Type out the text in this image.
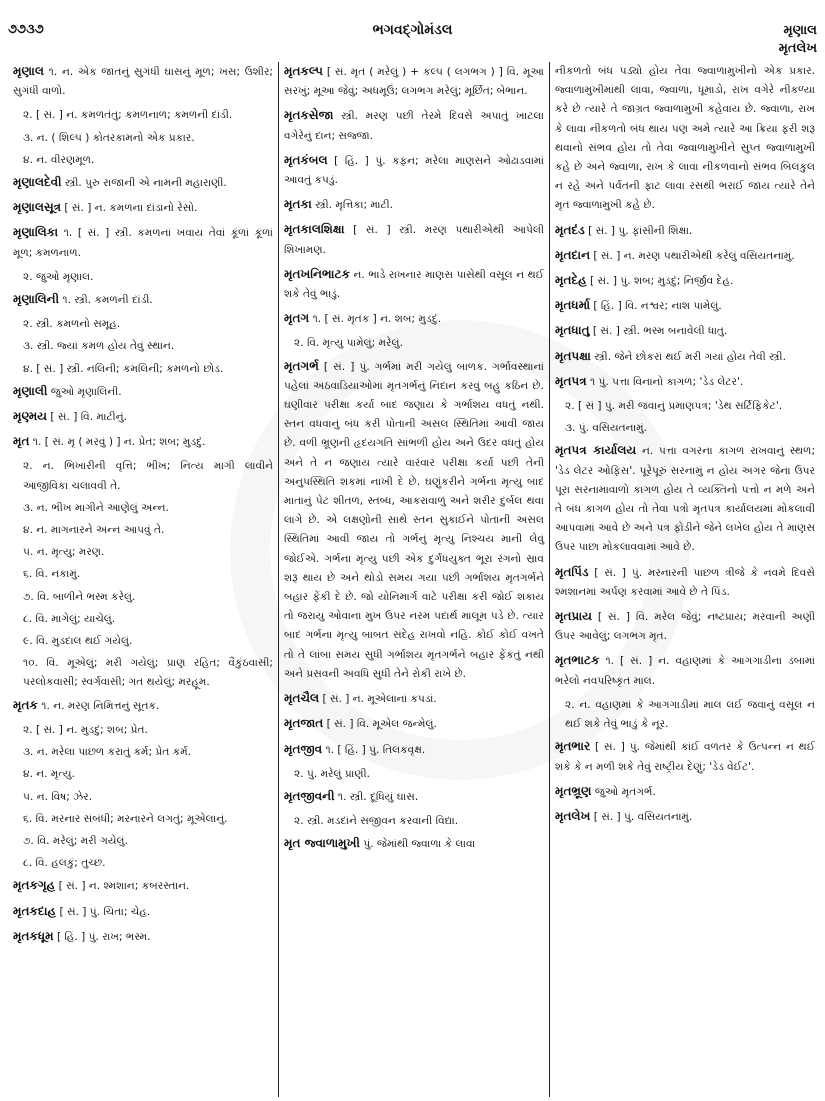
૭૭૩૭	ભગવદ્ગોમંડલ	મૃણાલ
મૃતલેખ

મૃણાલ ૧. ન. એક જાતનું સુગંધી ઘાસનું મૂળ; ખસ; ઉશીર; સુગંધી વાળો.

૨. [ સં. ] ન. કમળતંતુ; કમળનાળ; કમળની દાંડી.

૩. ન. ( શિલ્પ ) કોતરકામનો એક પ્રકાર.

૪. ન. વીરણમૂળ.

મૃણાલદેવી સ્ત્રી. પુરુ રાજાની એ નામની મહારાણી.

મૃણાલસૂત્ર [ સં. ] ન. કમળના દાંડાનો રેસો.

મૃણાલિકા ૧. [ સં. ] સ્ત્રી. કમળનાં ખવાય તેવાં કૂંળાં કૂંળાં મૂળ; કમળનાળ.

૨. જુઓ મૃણાલ.

મૃણાલિની ૧. સ્ત્રી. કમળની દાંડી.

૨. સ્ત્રી. કમળનો સમૂહ.

૩. સ્ત્રી. જ્યાં કમળ હોય તેવું સ્થાન.

૪. [ સં. ] સ્ત્રી. નલિની; કમલિની; કમળનો છોડ.

મૃણાલી જુઓ મૃણાલિની.

મૃણ્મય [ સં. ] વિ. માટીનું.

મૃત ૧. [ સં. મૃ ( મરવું ) ] ન. પ્રેત; શબ; મુડદું.

૨. ન. ભિખારીની વૃત્તિ; ભીખ; નિત્ય માગી લાવીને આજીવિકા ચલાવવી તે.

૩. ન. ભીખ માગીને આણેલું અન્ન.

૪. ન. માગનારને અન્ન આપવું તે.

૫. ન. મૃત્યુ; મરણ.

૬. વિ. નકામું.

૭. વિ. બાળીને ભસ્મ કરેલું.

૮. વિ. માગેલું; યાચેલું.

૯. વિ. મુડદાલ થઈ ગયેલું.

૧૦. વિ. મૂએલું; મરી ગયેલું; પ્રાણ રહિત; વૈકુંઠવાસી; પરલોકવાસી; સ્વર્ગવાસી; ગત થયેલું; મરહૂમ.

મૃતક ૧. ન. મરણ નિમિત્તનું સૂતક.

૨. [ સં. ] ન. મુડદું; શબ; પ્રેત.

૩. ન. મરેલા પાછળ કરાતું કર્મ; પ્રેત કર્મ.

૪. ન. મૃત્યુ.

૫. ન. વિષ; ઝેર.

૬. વિ. મરનાર સંબંધી; મરનારને લગતું; મૂએલાનું.

૭. વિ. મરેલું; મરી ગયેલું.

૮. વિ. હલકું; તુચ્છ.

મૃતકગૃહ [ સં. ] ન. શ્મશાન; કબરસ્તાન.

મૃતકદાહ [ સં. ] પું. ચિતા; ચેહ.

મૃતકધૂમ [ હિં. ] પું. રાખ; ભસ્મ.

મૃતકલ્પ [ સં. મૃત ( મરેલું ) + કલ્પ ( લગભગ ) ] વિ. મૂઆ સરખું; મૂઆ જેવું; અધમૂઉં; લગભગ મરેલું; મૂર્છિત; બેભાન.

મૃતકસેજા સ્ત્રી. મરણ પછી તેરમે દિવસે અપાતું ખાટલા વગેરેનું દાન; સજ્જા.

મૃતકંબલ [ હિં. ] પું. કફન; મરેલા માણસને ઓઢાડવામાં આવતું કપડું.

મૃતકા સ્ત્રી. મૃત્તિકા; માટી.

મૃતકાલશિક્ષા [ સં. ] સ્ત્રી. મરણ પથારીએથી આપેલી શિખામણ.

મૃતખનિભાટક ન. ભાડે રાખનાર માણસ પાસેથી વસૂલ ન થઈ શકે તેવું ભાડું.

મૃતગ ૧. [ સં. મૃતક ] ન. શબ; મુડદું.

૨. વિ. મૃત્યુ પામેલું; મરેલું.

મૃતગર્ભ [ સં. ] પું. ગર્ભમાં મરી ગયેલું બાળક. ગર્ભાવસ્થાનાં પહેલાં અઠવાડિયાઓમાં મૃતગર્ભનું નિદાન કરવું બહુ કઠિન છે. ઘણીવાર પરીક્ષા કર્યા બાદ જણાય કે ગર્ભાશય વધતું નથી. સ્તન વધવાનું બંધ કરી પોતાની અસલ સ્થિતિમાં આવી જાય છે. વળી ભ્રૂણની હૃદયગતિ સાંભળી હોય અને ઉદર વધતું હોય અને તે ન જણાય ત્યારે વારંવાર પરીક્ષા કર્યા પછી તેની અનુપસ્થિતિ શકમાં નાખી દે છે. ઘણુંકરીને ગર્ભના મૃત્યુ બાદ માતાનું પેટ શીતળ, સ્તબ્ધ, આકરાવાળું અને શરીર દુર્બલ થવા લાગે છે. એ લક્ષણોની સાથે સ્તન સુકાઈને પોતાની અસલ સ્થિતિમાં આવી જાય તો ગર્ભનું મૃત્યુ નિશ્ચય માની લેવું જોઈએ. ગર્ભના મૃત્યુ પછી એક દુર્ગંધયુક્ત ભૂરા રંગનો સ્રાવ શરૂ થાય છે અને થોડો સમય ગયા પછી ગર્ભાશય મૃતગર્ભને બહાર ફેંકી દે છે. જો યોનિમાર્ગ વાટે પરીક્ષા કરી જોઈ શકાય તો જરાયુ ઓવાના મુખ ઉપર નરમ પદાર્થ માલૂમ પડે છે. ત્યાર બાદ ગર્ભના મૃત્યુ બાબત સંદેહ રાખવો નહિ. કોઈ કોઈ વખતે તો તે લાંબા સમય સુધી ગર્ભાશય મૃતગર્ભને બહાર ફેંકતું નથી અને પ્રસવની અવધિ સુધી તેને રોકી રાખે છે.

મૃતચૈલ [ સં. ] ન. મૂએલાનાં કપડાં.

મૃતજાત [ સં. ] વિ. મૂએલ જન્મેલું.

મૃતજીવ ૧. [ હિં. ] પું. તિલકવૃક્ષ.

૨. પું. મરેલું પ્રાણી.

મૃતજીવની ૧. સ્ત્રી. દૂધિયું ઘાસ.

૨. સ્ત્રી. મડદાંને સજીવન કરવાની વિદ્યા.

મૃત જ્વાળામુખી પું. જેમાંથી જ્વાળા કે લાવા

નીકળતો બંધ પડ્યો હોય તેવા જ્વાળામુખીનો એક પ્રકાર. જ્વાળામુખીમાંથી લાવા, જ્વાળા, ધૂમાડો, રાખ વગેરે નીકળ્યા કરે છે ત્યારે તે જાગ્રત જ્વાળામુખી કહેવાય છે. જ્વાળા, રાખ કે લાવા નીકળતો બંધ થાય પણ અમે ત્યારે આ ક્રિયા ફરી શરૂ થવાનો સંભવ હોય તો તેવા જ્વાળામુખીને સુપ્ત જ્વાળામુખી કહે છે અને જ્વાળા, રાખ કે લાવા નીકળવાનો સંભવ બિલકુલ ન રહે અને પર્વતની ફાટ લાવા રસથી ભરાઈ જાય ત્યારે તેને મૃત જ્વાળામુખી કહે છે.

મૃતદંડ [ સં. ] પુ. ફાંસીની શિક્ષા.

મૃતદાન [ સં. ] ન. મરણ પથારીએથી કરેલું વસિયતનામું.

મૃતદેહ [ સં. ] પું. શબ; મુડદું; નિર્જીવ દેહ.

મૃતધર્મા [ હિં. ] વિ. નશ્વર; નાશ પામેલું.

મૃતધાતુ [ સં. ] સ્ત્રી. ભસ્મ બનાવેલી ધાતુ.

મૃતપક્ષા સ્ત્રી. જેને છોકરાં થઈ મરી ગયાં હોય તેવી સ્ત્રી.

મૃતપત્ર ૧ પું. પત્તા વિનાનો કાગળ; 'ડેડ લેટર'.

૨. [ સં ] પું. મરી જવાનું પ્રમાણપત્ર; 'ડેથ સર્ટિફિકેટ'.

૩. પું. વસિયતનામું.

મૃતપત્ર કાર્યાલય ન. પત્તા વગરના કાગળ રાખવાનું સ્થળ; 'ડેડ લેટર ઓફિસ'. પૂરેપૂરું સરનામું ન હોય અગર જેના ઉપર પૂરા સરનામાવાળો કાગળ હોય તે વ્યક્તિનો પત્તો ન મળે અને તે બંધ કાગળ હોય તો તેવા પત્રો મૃતપત્ર કાર્યાલયમાં મોકલાવી આપવામાં આવે છે અને પત્ર ફોડીને જેને લખેલ હોય તે માણસ ઉપર પાછા મોકલાવવામાં આવે છે.

મૃતપિંડ [ સં. ] પું. મરનારની પાછળ ત્રીજે કે નવમે દિવસે શ્મશાનમાં અર્પણ કરવામાં આવે છે તે પિંડ.

મૃતપ્રાય [ સં. ] વિ. મરેલ જેવું; નષ્ટપ્રાય; મરવાની અણી ઉપર આવેલું; લગભગ મૃત.

મૃતભાટક ૧. [ સં. ] ન. વહાણમાં કે આગગાડીના ડબામાં ભરેલો નવપરિષ્કૃત માલ.

૨. ન. વહાણમાં કે આગગાડીમાં માલ લઈ જવાનું વસૂલ ન થઈ શકે તેવું ભાડું કે નૂર.

મૃતભાર [ સં. ] પું. જેમાંથી કાંઈ વળતર કે ઉત્પન્ન ન થઈ શકે કે ન મળી શકે તેવું રાષ્ટ્રીય દેણું; 'ડેડ વેઈટ'.

મૃતભ્રૂણ જુઓ મૃતગર્ભ.

મૃતલેખ [ સં. ] પું. વસિયતનામું.
